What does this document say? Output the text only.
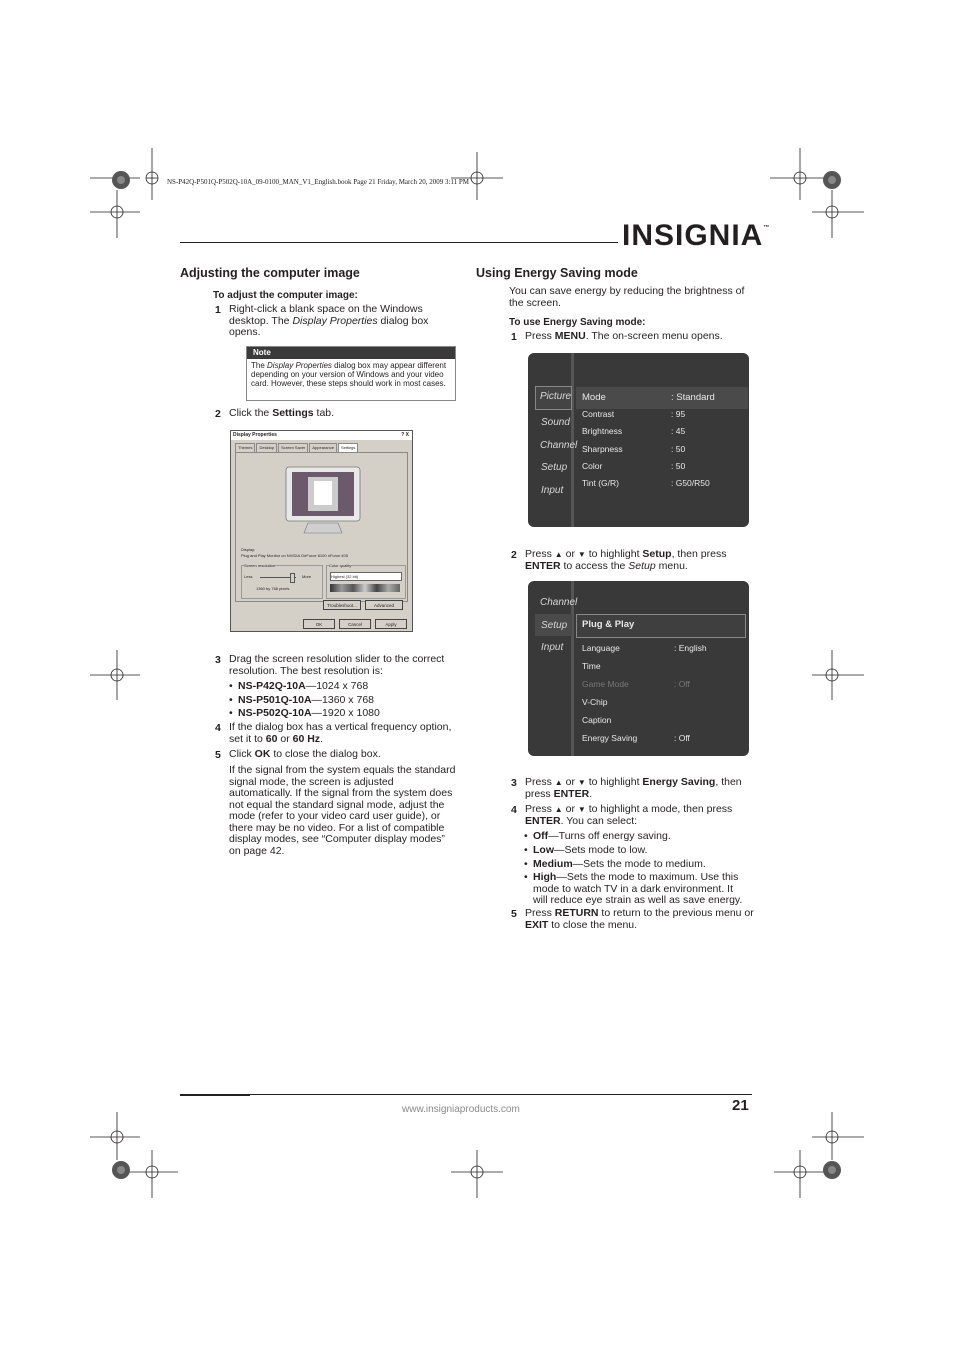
NS-P42Q-P501Q-P502Q-10A_09-0100_MAN_V1_English.book Page 21 Friday, March 20, 2009 3:11 PM
INSIGNIA™
Adjusting the computer image
To adjust the computer image:
1 Right-click a blank space on the Windows desktop. The Display Properties dialog box opens.
Note
The Display Properties dialog box may appear different depending on your version of Windows and your video card. However, these steps should work in most cases.
2 Click the Settings tab.
Display Properties	? X
Themes	Desktop	Screen Saver	Appearance	Settings
Display:
Plug and Play Monitor on NVIDIA GeForce 6100 nForce 405
Screen resolution
Less	More
1360 by 768 pixels
Color quality
Highest (32 bit)
Troubleshoot...	Advanced
OK	Cancel	Apply
3 Drag the screen resolution slider to the correct resolution. The best resolution is:
• NS-P42Q-10A—1024 x 768
• NS-P501Q-10A—1360 x 768
• NS-P502Q-10A—1920 x 1080
4 If the dialog box has a vertical frequency option, set it to 60 or 60 Hz.
5 Click OK to close the dialog box.
If the signal from the system equals the standard signal mode, the screen is adjusted automatically. If the signal from the system does not equal the standard signal mode, adjust the mode (refer to your video card user guide), or there may be no video. For a list of compatible display modes, see “Computer display modes” on page 42.
Using Energy Saving mode
You can save energy by reducing the brightness of the screen.
To use Energy Saving mode:
1 Press MENU. The on-screen menu opens.
Picture
Sound
Channel
Setup
Input
Mode	: Standard
Contrast	: 95
Brightness	: 45
Sharpness	: 50
Color	: 50
Tint (G/R)	: G50/R50
2 Press ▲ or ▼ to highlight Setup, then press ENTER to access the Setup menu.
Channel
Setup
Input
Plug & Play
Language	: English
Time
Game Mode	: Off
V-Chip
Caption
Energy Saving	: Off
3 Press ▲ or ▼ to highlight Energy Saving, then press ENTER.
4 Press ▲ or ▼ to highlight a mode, then press ENTER. You can select:
• Off—Turns off energy saving.
• Low—Sets mode to low.
• Medium—Sets the mode to medium.
• High—Sets the mode to maximum. Use this mode to watch TV in a dark environment. It will reduce eye strain as well as save energy.
5 Press RETURN to return to the previous menu or EXIT to close the menu.
www.insigniaproducts.com	21
